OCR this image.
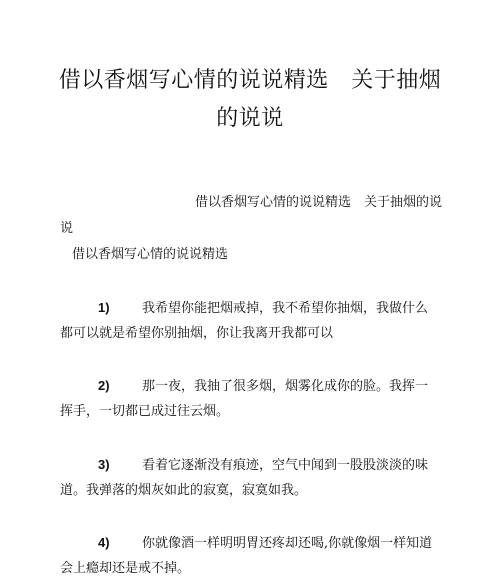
借以香烟写心情的说说精选　关于抽烟
的说说
借以香烟写心情的说说精选　关于抽烟的说
说
借以香烟写心情的说说精选
1) 我希望你能把烟戒掉，我不希望你抽烟，我做什么
都可以就是希望你别抽烟，你让我离开我都可以
2) 那一夜，我抽了很多烟，烟雾化成你的脸。我挥一
挥手，一切都已成过往云烟。
3) 看着它逐渐没有痕迹，空气中闻到一股股淡淡的味
道。我弹落的烟灰如此的寂寞，寂寞如我。
4) 你就像酒一样明明胃还疼却还喝,你就像烟一样知道
会上瘾却还是戒不掉。
